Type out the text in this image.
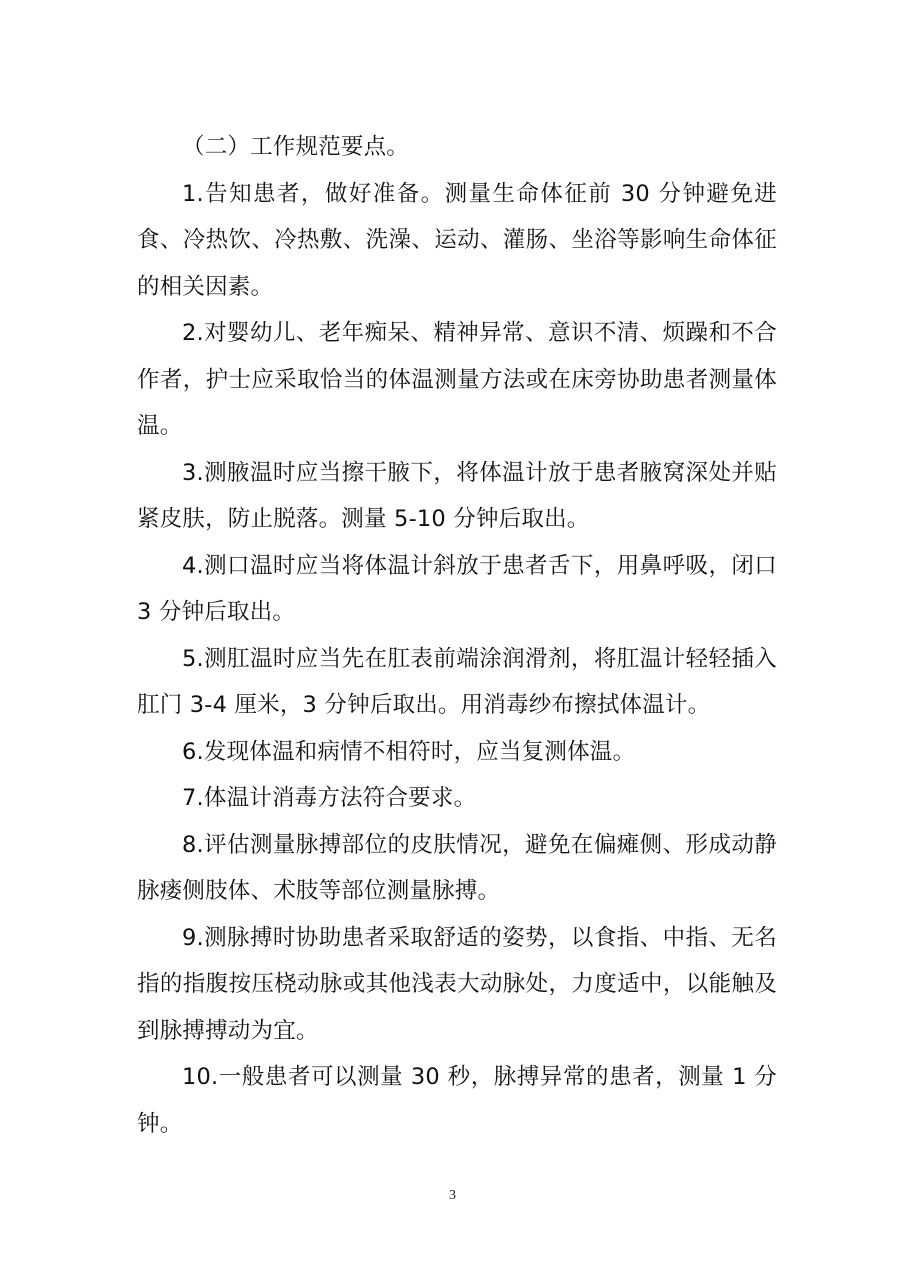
（二）工作规范要点。

1.告知患者，做好准备。测量生命体征前 30 分钟避免进食、冷热饮、冷热敷、洗澡、运动、灌肠、坐浴等影响生命体征的相关因素。

2.对婴幼儿、老年痴呆、精神异常、意识不清、烦躁和不合作者，护士应采取恰当的体温测量方法或在床旁协助患者测量体温。

3.测腋温时应当擦干腋下，将体温计放于患者腋窝深处并贴紧皮肤，防止脱落。测量 5-10 分钟后取出。

4.测口温时应当将体温计斜放于患者舌下，用鼻呼吸，闭口 3 分钟后取出。

5.测肛温时应当先在肛表前端涂润滑剂，将肛温计轻轻插入肛门 3-4 厘米，3 分钟后取出。用消毒纱布擦拭体温计。

6.发现体温和病情不相符时，应当复测体温。

7.体温计消毒方法符合要求。

8.评估测量脉搏部位的皮肤情况，避免在偏瘫侧、形成动静脉瘘侧肢体、术肢等部位测量脉搏。

9.测脉搏时协助患者采取舒适的姿势，以食指、中指、无名指的指腹按压桡动脉或其他浅表大动脉处，力度适中，以能触及到脉搏搏动为宜。

10.一般患者可以测量 30 秒，脉搏异常的患者，测量 1 分钟。

3
